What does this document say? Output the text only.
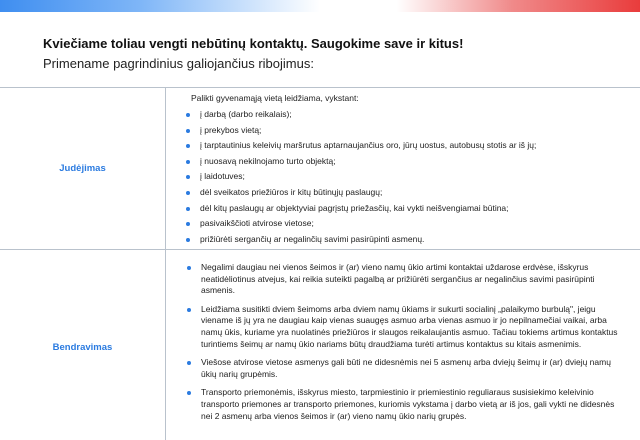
Kviečiame toliau vengti nebūtinų kontaktų. Saugokime save ir kitus!
Primename pagrindinius galiojančius ribojimus:
Judėjimas
Palikti gyvenamąją vietą leidžiama, vykstant:
į darbą (darbo reikalais);
į prekybos vietą;
į tarptautinius keleivių maršrutus aptarnaujančius oro, jūrų uostus, autobusų stotis ar iš jų;
į nuosavą nekilnojamo turto objektą;
į laidotuves;
dėl sveikatos priežiūros ir kitų būtinųjų paslaugų;
dėl kitų paslaugų ar objektyviai pagrįstų priežasčių, kai vykti neišvengiamai būtina;
pasivaikščioti atvirose vietose;
prižiūrėti sergančių ar negalinčių savimi pasirūpinti asmenų.
Bendravimas
Negalimi daugiau nei vienos šeimos ir (ar) vieno namų ūkio artimi kontaktai uždarose erdvėse, išskyrus neatidėliotinus atvejus, kai reikia suteikti pagalbą ar prižiūrėti sergančius ar negalinčius savimi pasirūpinti asmenis.
Leidžiama susitikti dviem šeimoms arba dviem namų ūkiams ir sukurti socialinį „palaikymo burbulą", jeigu viename iš jų yra ne daugiau kaip vienas suaugęs asmuo arba vienas asmuo ir jo nepilnamečiai vaikai, arba namų ūkis, kuriame yra nuolatinės priežiūros ir slaugos reikalaujantis asmuo. Tačiau tokiems artimus kontaktus turintiems šeimų ar namų ūkio nariams būtų draudžiama turėti artimus kontaktus su kitais asmenimis.
Viešose atvirose vietose asmenys gali būti ne didesnėmis nei 5 asmenų arba dviejų šeimų ir (ar) dviejų namų ūkių narių grupėmis.
Transporto priemonėmis, išskyrus miesto, tarpmiestinio ir priemiestinio reguliaraus susisiekimo keleivinio transporto priemones ar transporto priemones, kuriomis vykstama į darbo vietą ar iš jos, gali vykti ne didesnės nei 2 asmenų arba vienos šeimos ir (ar) vieno namų ūkio narių grupės.
